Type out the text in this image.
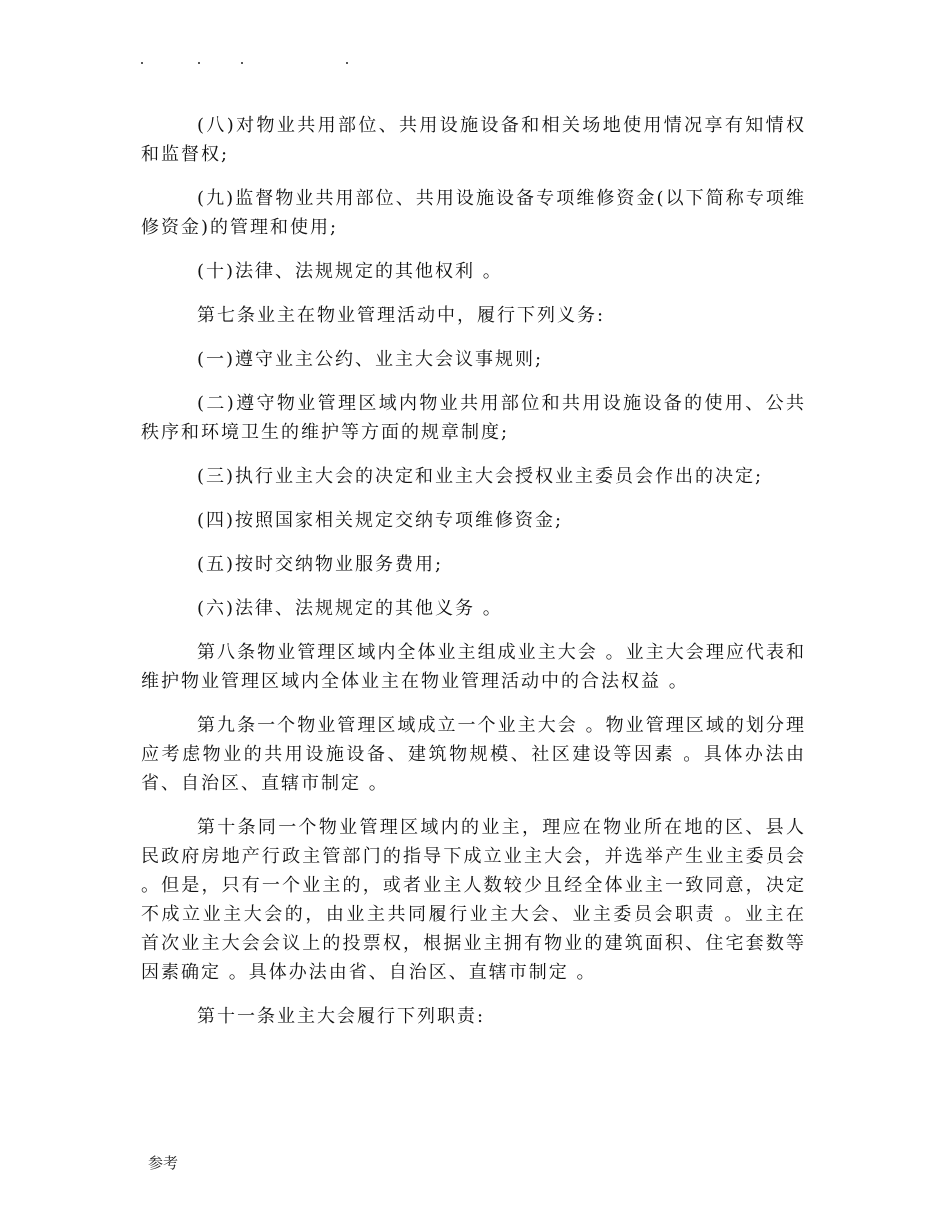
(八)对物业共用部位、共用设施设备和相关场地使用情况享有知情权和监督权;

(九)监督物业共用部位、共用设施设备专项维修资金(以下简称专项维修资金)的管理和使用;

(十)法律、法规规定的其他权利 。

第七条业主在物业管理活动中，履行下列义务:

(一)遵守业主公约、业主大会议事规则;

(二)遵守物业管理区域内物业共用部位和共用设施设备的使用、公共秩序和环境卫生的维护等方面的规章制度;

(三)执行业主大会的决定和业主大会授权业主委员会作出的决定;

(四)按照国家相关规定交纳专项维修资金;

(五)按时交纳物业服务费用;

(六)法律、法规规定的其他义务 。

第八条物业管理区域内全体业主组成业主大会 。业主大会理应代表和维护物业管理区域内全体业主在物业管理活动中的合法权益 。

第九条一个物业管理区域成立一个业主大会 。物业管理区域的划分理应考虑物业的共用设施设备、建筑物规模、社区建设等因素 。具体办法由省、自治区、直辖市制定 。

第十条同一个物业管理区域内的业主，理应在物业所在地的区、县人民政府房地产行政主管部门的指导下成立业主大会，并选举产生业主委员会 。但是，只有一个业主的，或者业主人数较少且经全体业主一致同意，决定不成立业主大会的，由业主共同履行业主大会、业主委员会职责 。业主在首次业主大会会议上的投票权，根据业主拥有物业的建筑面积、住宅套数等因素确定 。具体办法由省、自治区、直辖市制定 。

第十一条业主大会履行下列职责:

参考
